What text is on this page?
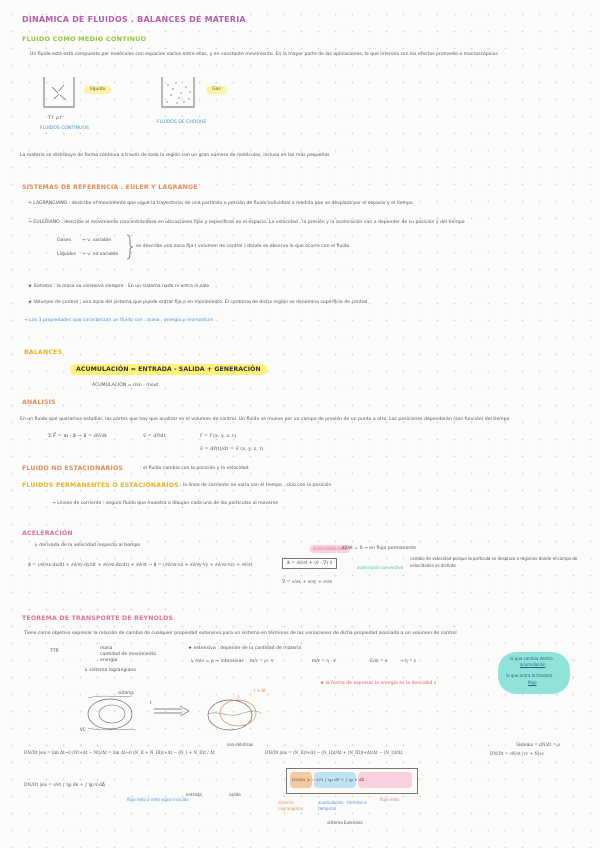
DINÁMICA DE FLUIDOS . BALANCES DE MATERIA
FLUIDO COMO MEDIO CONTINUO
Un fluido está está compuesto por moléculas con espacios vacíos entre ellas, y en constante movimiento. En la mayor parte de las aplicaciones, lo que interesa son los efectos promedio o macroscópicos
líquido	Gas
T↑ ρ↑
FLUIDOS CONTINUOS
FLUIDOS DE CHOQUE
La materia se distribuye de forma continua a través de toda la región con un gran número de moléculas, incluso en las más pequeñas
SISTEMAS DE REFERENCIA . EULER Y LAGRANGE
→ LAGRANGIANO : describe el movimiento que sigue la trayectoria, de una partícula o porción de fluido individual a medida que se desplaza por el espacio y el tiempo
→ EULERIANO : describe el movimiento concentrándose en ubicaciones fijas y específicas en el espacio. La velocidad , la presión y la aceleración van a depender de su posición y del tiempo
Gases → v. variable
Líquidos → v. no variable
se describe una zona fija ( volumen de control ) donde se observa lo que ocurre con el fluido
★ Sistema : la masa se conserva siempre . En un sistema nada ni entra ni sale
★ Volumen de control : una zona del sistema que puede entrar fijo o en movimiento. El contorno de dicha región se denomina superficie de control
→ Las 3 propiedades que caracterizan un fluido son : masa , energía y momentum
BALANCES
ACUMULACIÓN = ENTRADA - SALIDA + GENERACIÓN
ACUMULACIÓN = ṁin - ṁout
ANÁLISIS
En un fluido que queramos estudiar, las partes que hay que analizar es el volumen de control. Un fluido se mueve por un campo de presión de un punto a otro. Las posiciones dependerán (son función) del tiempo
Σ F⃗ = m · a⃗ → a⃗ = dv⃗/dt	v⃗ = dr⃗/dt	r⃗ = r⃗ (x, y, z, t)
v⃗ = dr⃗(t)/dt = v⃗ (x, y, z, t)
FLUIDO NO ESTACIONARIOS	: el fluido cambia con la posición y la velocidad
FLUIDOS PERMANENTES O ESTACIONARIOS : la línea de corriente no varía con el tiempo , sino con la posición
→ Líneas de corriente : seguro fluido que muestra o dibujan cada una de las partículas al moverse
ACELERACIÓN
↳ derivada de la velocidad respecto al tiempo
a⃗ = (∂v⃗/∂x·dx/dt + ∂v⃗/∂y·dy/dt + ∂v⃗/∂z·dz/dt) + ∂v⃗/∂t → a⃗ = (∂v⃗/∂x·vx + ∂v⃗/∂y·vy + ∂v⃗/∂z·vz) + ∂v⃗/∂t
aceleración local
a⃗ = ∂v⃗/∂t + (v⃗ · ∇) v⃗
∂v⃗/∂t = 0 → en flujo permanente
aceleración convectiva
cambio de velocidad porque la partícula se desplaza a regiones donde el campo de velocidades es distinto
∇ = ∂/∂x + ∂/∂y + ∂/∂z
TEOREMA DE TRANSPORTE DE REYNOLDS
Tiene como objetivo expresar la relación de cambio de cualquier propiedad extensiva para un sistema en términos de las variaciones de dicha propiedad asociada a un volumen de control
TTR
masa
cantidad de movimiento
energía
↳ sistema lagrangiano
★ extensiva : depende de la cantidad de materia
↳ m/v = ρ → intensivas m/v = ρ · ∀	m/v = η · ∀	E/m = e	→ η = ε
★ la forma de expresar la energía es la densidad ε
lo que cambia dentro
acumulación
lo que entra la frontera
flujo
sistema
VC
t
I
t + Δt
DN/Dt |sis = lim Δt→0 (Nt+Δt − Nt)/Δt = lim Δt→0 (N_II + N_III)t+Δt − (N_I + N_II)t / Δt
son idénticos
DN/Dt |sis = (N_II)t+Δt − (N_II)t/Δt + (N_III)t+Δt/Δt − (N_I)t/Δt
Sistema = dN/dt = ρ
DN/Dt = ∂N/∂t |vc + Ṅ|sc
DN/Dt |sis = ∂/∂t ∫ ηρ d∀ + ∫ ηρ v⃗·dA⃗
flujo neto o neto signo incluido
entrada	salida
DN/Dt |s = ∂/∂t ∫ ηρ d∀ + ∫ ηρ v⃗ dA⃗
sistema Lagrangiano
acumulación · término o temporal
flujo neto
sistema Euleriano
